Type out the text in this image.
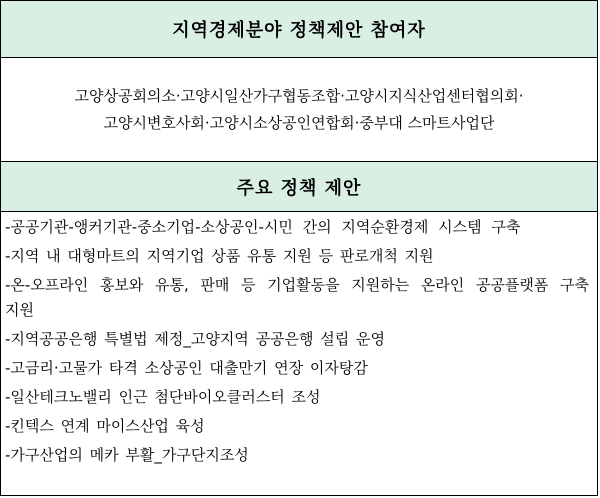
지역경제분야 정책제안 참여자
고양상공회의소·고양시일산가구협동조합·고양시지식산업센터협의회·
고양시변호사회·고양시소상공인연합회·중부대 스마트사업단
주요 정책 제안
-공공기관-앵커기관-중소기업-소상공인-시민 간의 지역순환경제 시스템 구축
-지역 내 대형마트의 지역기업 상품 유통 지원 등 판로개척 지원
-온-오프라인 홍보와 유통, 판매 등 기업활동을 지원하는 온라인 공공플랫폼 구축 지원
-지역공공은행 특별법 제정_고양지역 공공은행 설립 운영
-고금리·고물가 타격 소상공인 대출만기 연장 이자탕감
-일산테크노밸리 인근 첨단바이오클러스터 조성
-킨텍스 연계 마이스산업 육성
-가구산업의 메카 부활_가구단지조성
